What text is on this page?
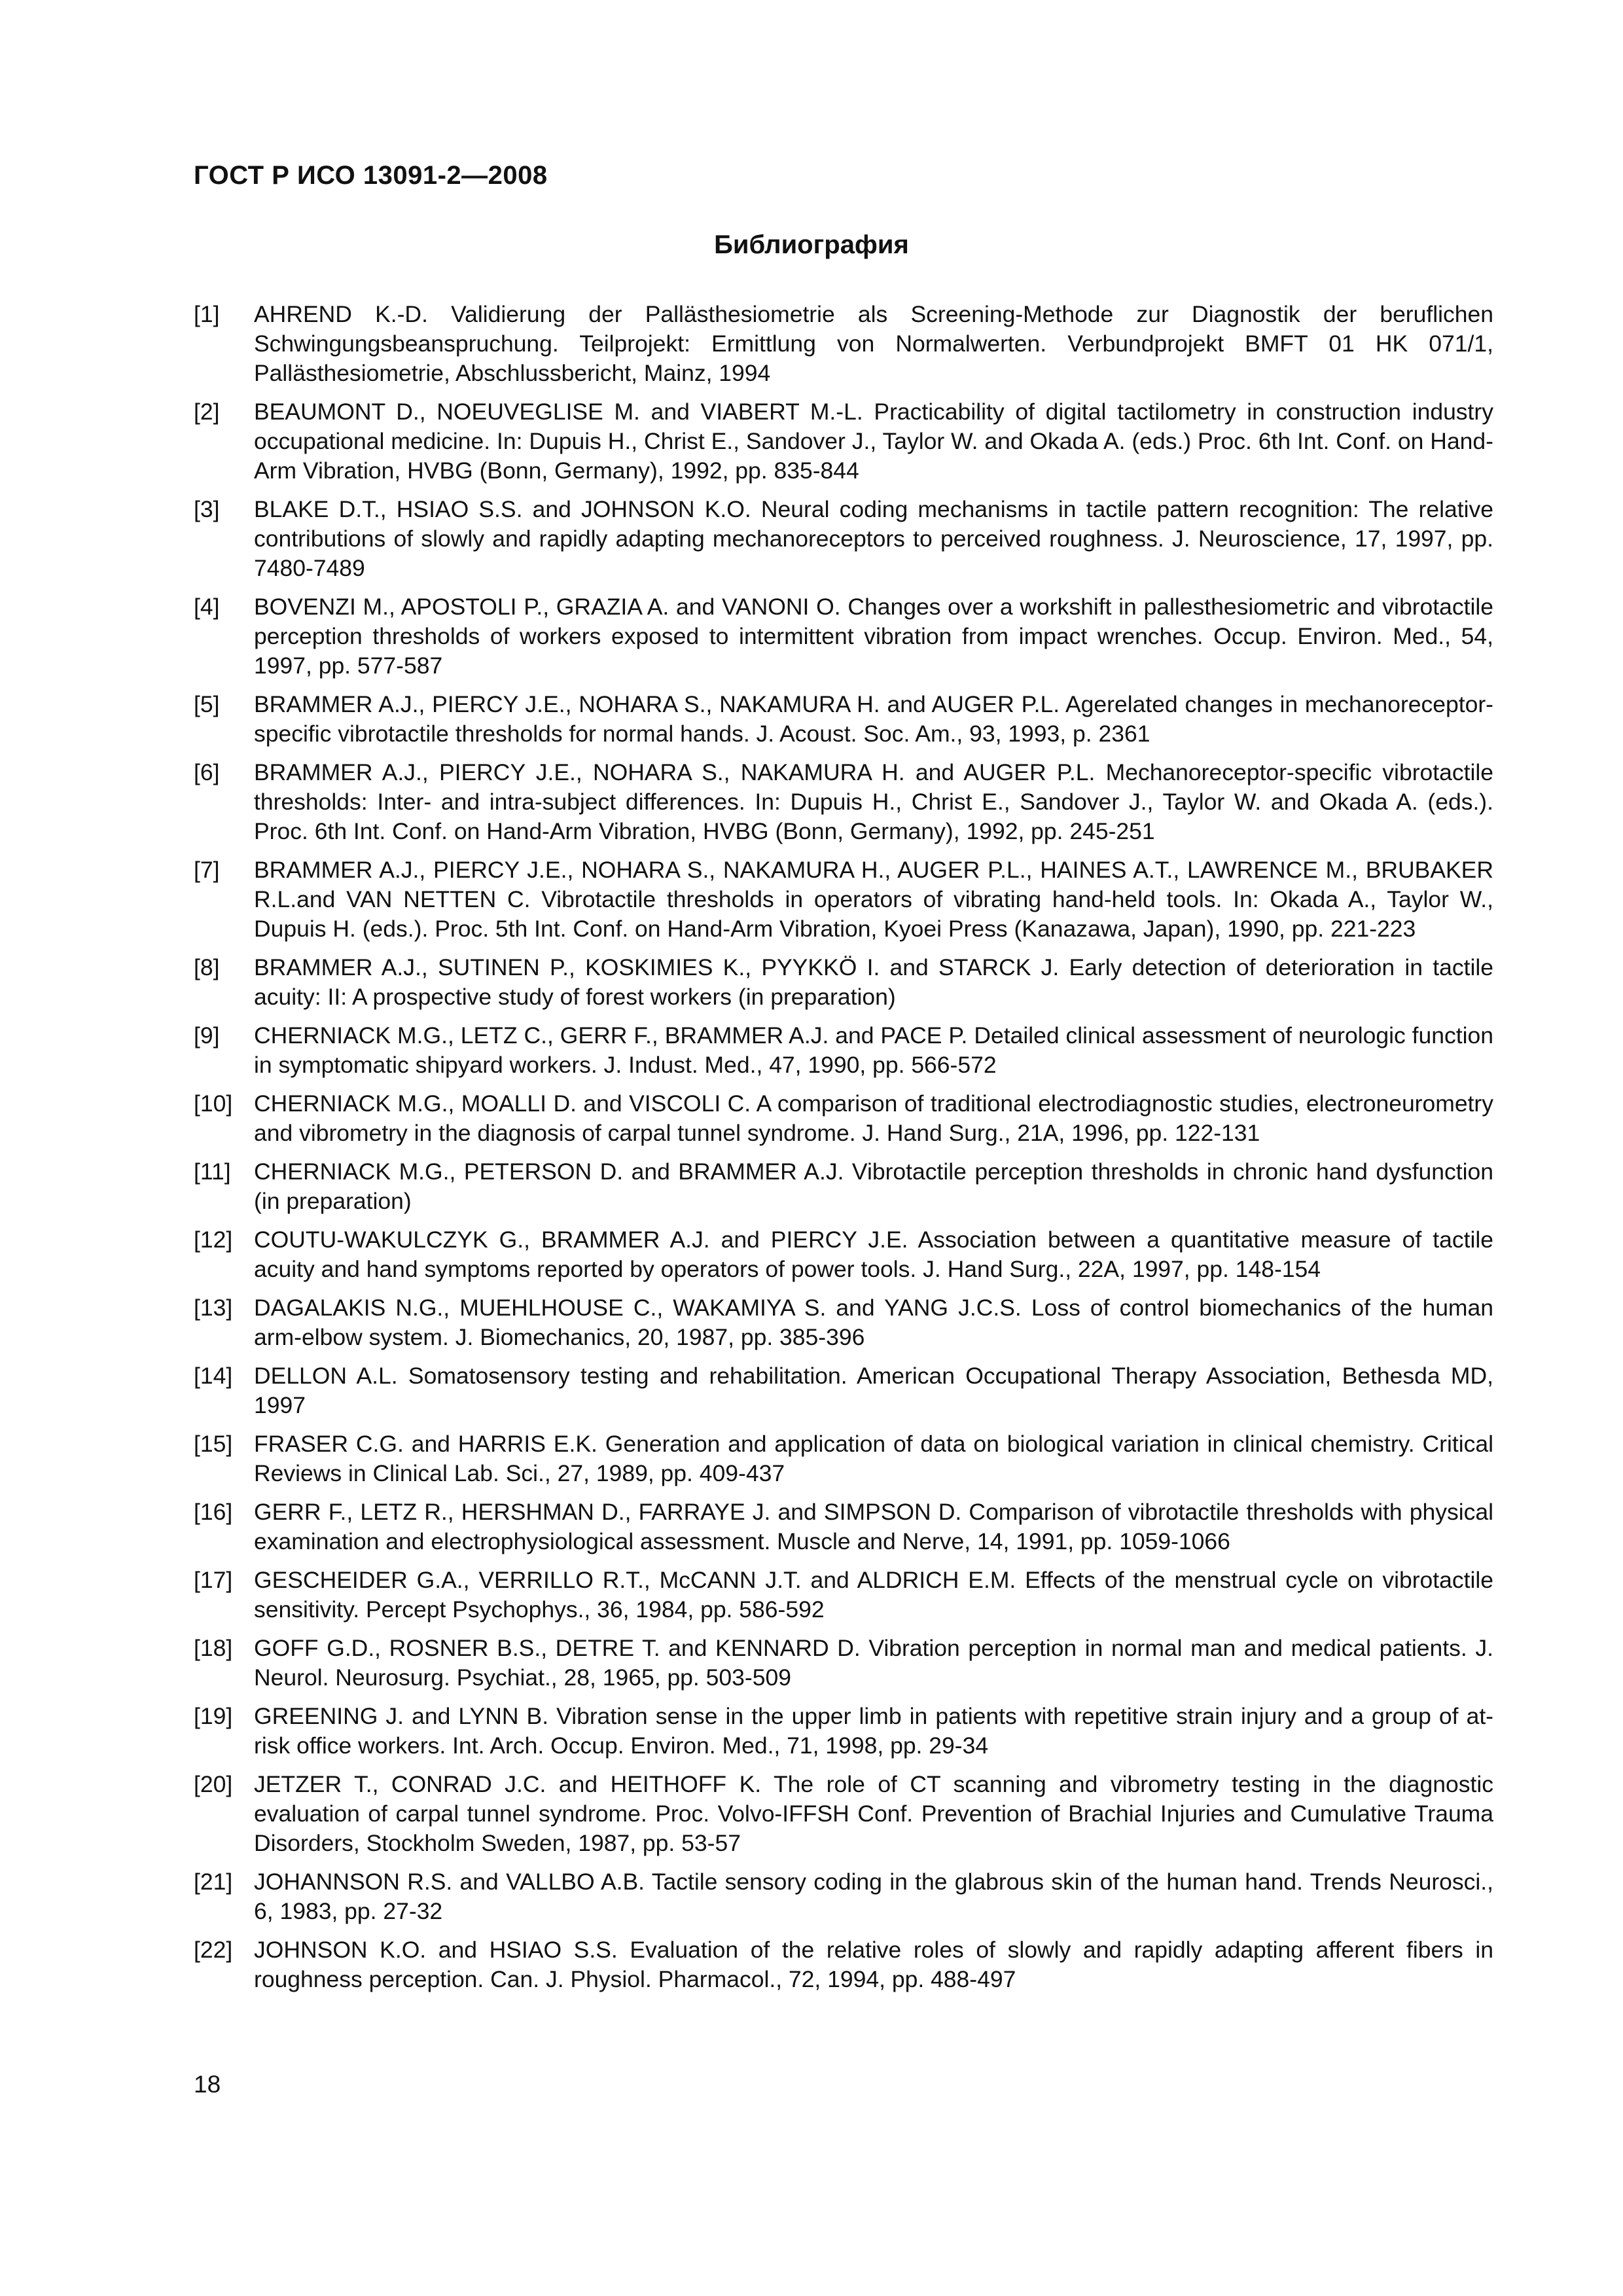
ГОСТ Р ИСО 13091-2—2008
Библиография
[1]	AHREND K.-D. Validierung der Pallästhesiometrie als Screening-Methode zur Diagnostik der beruflichen Schwingungsbeanspruchung. Teilprojekt: Ermittlung von Normalwerten. Verbundprojekt BMFT 01 HK 071/1, Pallästhesiometrie, Abschlussbericht, Mainz, 1994
[2]	BEAUMONT D., NOEUVEGLISE M. and VIABERT M.-L. Practicability of digital tactilometry in construction industry occupational medicine. In: Dupuis H., Christ E., Sandover J., Taylor W. and Okada A. (eds.) Proc. 6th Int. Conf. on Hand-Arm Vibration, HVBG (Bonn, Germany), 1992, pp. 835-844
[3]	BLAKE D.T., HSIAO S.S. and JOHNSON K.O. Neural coding mechanisms in tactile pattern recognition: The relative contributions of slowly and rapidly adapting mechanoreceptors to perceived roughness. J. Neuroscience, 17, 1997, pp. 7480-7489
[4]	BOVENZI M., APOSTOLI P., GRAZIA A. and VANONI O. Changes over a workshift in pallesthesiometric and vibrotactile perception thresholds of workers exposed to intermittent vibration from impact wrenches. Occup. Environ. Med., 54, 1997, pp. 577-587
[5]	BRAMMER A.J., PIERCY J.E., NOHARA S., NAKAMURA H. and AUGER P.L. Agerelated changes in mechanoreceptor-specific vibrotactile thresholds for normal hands. J. Acoust. Soc. Am., 93, 1993, p. 2361
[6]	BRAMMER A.J., PIERCY J.E., NOHARA S., NAKAMURA H. and AUGER P.L. Mechanoreceptor-specific vibrotactile thresholds: Inter- and intra-subject differences. In: Dupuis H., Christ E., Sandover J., Taylor W. and Okada A. (eds.). Proc. 6th Int. Conf. on Hand-Arm Vibration, HVBG (Bonn, Germany), 1992, pp. 245-251
[7]	BRAMMER A.J., PIERCY J.E., NOHARA S., NAKAMURA H., AUGER P.L., HAINES A.T., LAWRENCE M., BRUBAKER R.L.and VAN NETTEN C. Vibrotactile thresholds in operators of vibrating hand-held tools. In: Okada A., Taylor W., Dupuis H. (eds.). Proc. 5th Int. Conf. on Hand-Arm Vibration, Kyoei Press (Kanazawa, Japan), 1990, pp. 221-223
[8]	BRAMMER A.J., SUTINEN P., KOSKIMIES K., PYYKKÖ I. and STARCK J. Early detection of deterioration in tactile acuity: II: A prospective study of forest workers (in preparation)
[9]	CHERNIACK M.G., LETZ C., GERR F., BRAMMER A.J. and PACE P. Detailed clinical assessment of neurologic function in symptomatic shipyard workers. J. Indust. Med., 47, 1990, pp. 566-572
[10] CHERNIACK M.G., MOALLI D. and VISCOLI C. A comparison of traditional electrodiagnostic studies, electroneurometry and vibrometry in the diagnosis of carpal tunnel syndrome. J. Hand Surg., 21A, 1996, pp. 122-131
[11] CHERNIACK M.G., PETERSON D. and BRAMMER A.J. Vibrotactile perception thresholds in chronic hand dysfunction (in preparation)
[12] COUTU-WAKULCZYK G., BRAMMER A.J. and PIERCY J.E. Association between a quantitative measure of tactile acuity and hand symptoms reported by operators of power tools. J. Hand Surg., 22A, 1997, pp. 148-154
[13] DAGALAKIS N.G., MUEHLHOUSE C., WAKAMIYA S. and YANG J.C.S. Loss of control biomechanics of the human arm-elbow system. J. Biomechanics, 20, 1987, pp. 385-396
[14] DELLON A.L. Somatosensory testing and rehabilitation. American Occupational Therapy Association, Bethesda MD, 1997
[15] FRASER C.G. and HARRIS E.K. Generation and application of data on biological variation in clinical chemistry. Critical Reviews in Clinical Lab. Sci., 27, 1989, pp. 409-437
[16] GERR F., LETZ R., HERSHMAN D., FARRAYE J. and SIMPSON D. Comparison of vibrotactile thresholds with physical examination and electrophysiological assessment. Muscle and Nerve, 14, 1991, pp. 1059-1066
[17] GESCHEIDER G.A., VERRILLO R.T., McCANN J.T. and ALDRICH E.M. Effects of the menstrual cycle on vibrotactile sensitivity. Percept Psychophys., 36, 1984, pp. 586-592
[18] GOFF G.D., ROSNER B.S., DETRE T. and KENNARD D. Vibration perception in normal man and medical patients. J. Neurol. Neurosurg. Psychiat., 28, 1965, pp. 503-509
[19] GREENING J. and LYNN B. Vibration sense in the upper limb in patients with repetitive strain injury and a group of at-risk office workers. Int. Arch. Occup. Environ. Med., 71, 1998, pp. 29-34
[20] JETZER T., CONRAD J.C. and HEITHOFF K. The role of CT scanning and vibrometry testing in the diagnostic evaluation of carpal tunnel syndrome. Proc. Volvo-IFFSH Conf. Prevention of Brachial Injuries and Cumulative Trauma Disorders, Stockholm Sweden, 1987, pp. 53-57
[21] JOHANNSON R.S. and VALLBO A.B. Tactile sensory coding in the glabrous skin of the human hand. Trends Neurosci., 6, 1983, pp. 27-32
[22] JOHNSON K.O. and HSIAO S.S. Evaluation of the relative roles of slowly and rapidly adapting afferent fibers in roughness perception. Can. J. Physiol. Pharmacol., 72, 1994, pp. 488-497
18
